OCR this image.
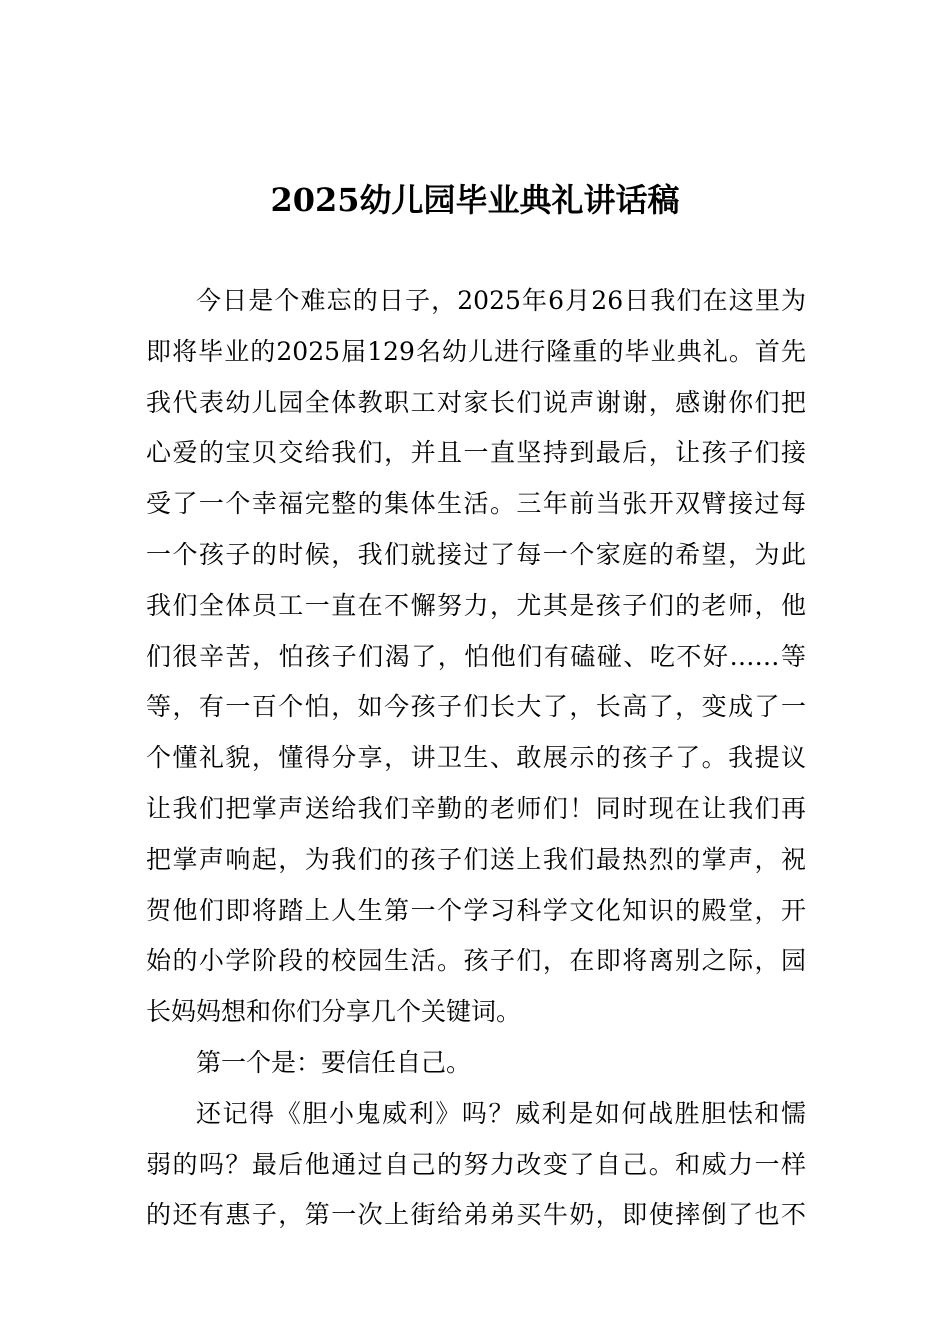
2025幼儿园毕业典礼讲话稿
今日是个难忘的日子，2025年6月26日我们在这里为
即将毕业的2025届129名幼儿进行隆重的毕业典礼。首先
我代表幼儿园全体教职工对家长们说声谢谢，感谢你们把
心爱的宝贝交给我们，并且一直坚持到最后，让孩子们接
受了一个幸福完整的集体生活。三年前当张开双臂接过每
一个孩子的时候，我们就接过了每一个家庭的希望，为此
我们全体员工一直在不懈努力，尤其是孩子们的老师，他
们很辛苦，怕孩子们渴了，怕他们有磕碰、吃不好……等
等，有一百个怕，如今孩子们长大了，长高了，变成了一
个懂礼貌，懂得分享，讲卫生、敢展示的孩子了。我提议
让我们把掌声送给我们辛勤的老师们！同时现在让我们再
把掌声响起，为我们的孩子们送上我们最热烈的掌声，祝
贺他们即将踏上人生第一个学习科学文化知识的殿堂，开
始的小学阶段的校园生活。孩子们，在即将离别之际，园
长妈妈想和你们分享几个关键词。
第一个是：要信任自己。
还记得《胆小鬼威利》吗？威利是如何战胜胆怯和懦
弱的吗？最后他通过自己的努力改变了自己。和威力一样
的还有惠子，第一次上街给弟弟买牛奶，即使摔倒了也不
